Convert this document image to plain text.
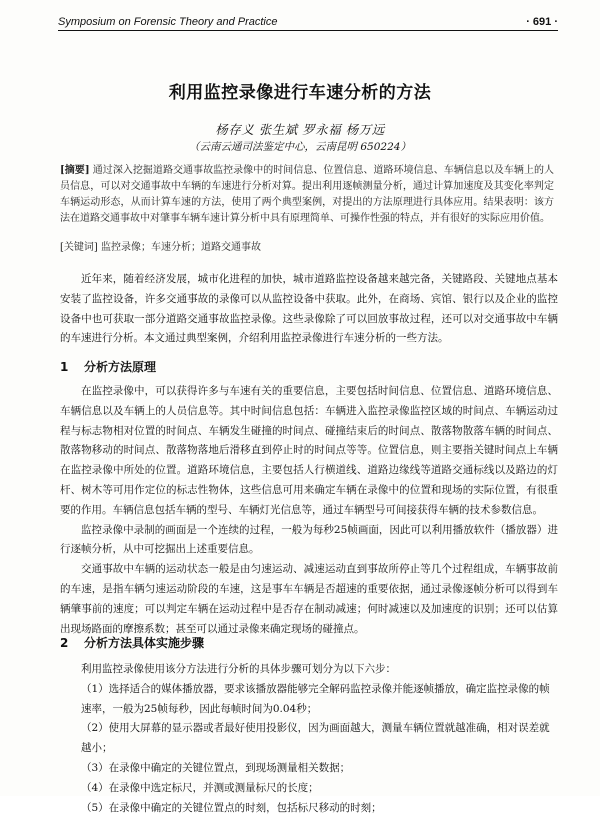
Symposium on Forensic Theory and Practice	· 691 ·
利用监控录像进行车速分析的方法
杨存义 张生斌 罗永福 杨万远
（云南云通司法鉴定中心，云南昆明 650224）
[摘要] 通过深入挖掘道路交通事故监控录像中的时间信息、位置信息、道路环境信息、车辆信息以及车辆上的人员信息，可以对交通事故中车辆的车速进行分析对算。提出利用逐帧测量分析，通过计算加速度及其变化率判定车辆运动形态，从而计算车速的方法，使用了两个典型案例，对提出的方法原理进行具体应用。结果表明：该方法在道路交通事故中对肇事车辆车速计算分析中具有原理简单、可操作性强的特点，并有很好的实际应用价值。
[关键词] 监控录像；车速分析；道路交通事故

近年来，随着经济发展，城市化进程的加快，城市道路监控设备越来越完备，关键路段、关键地点基本安装了监控设备，许多交通事故的录像可以从监控设备中获取。此外，在商场、宾馆、银行以及企业的监控设备中也可获取一部分道路交通事故监控录像。这些录像除了可以回放事故过程，还可以对交通事故中车辆的车速进行分析。本文通过典型案例，介绍利用监控录像进行车速分析的一些方法。

1 分析方法原理

在监控录像中，可以获得许多与车速有关的重要信息，主要包括时间信息、位置信息、道路环境信息、车辆信息以及车辆上的人员信息等。其中时间信息包括：车辆进入监控录像监控区域的时间点、车辆运动过程与标志物相对位置的时间点、车辆发生碰撞的时间点、碰撞结束后的时间点、散落物散落车辆的时间点、散落物移动的时间点、散落物落地后滑移直到停止时的时间点等等。位置信息，则主要指关键时间点上车辆在监控录像中所处的位置。道路环境信息，主要包括人行横道线、道路边缘线等道路交通标线以及路边的灯杆、树木等可用作定位的标志性物体，这些信息可用来确定车辆在录像中的位置和现场的实际位置，有很重要的作用。车辆信息包括车辆的型号、车辆灯光信息等，通过车辆型号可间接获得车辆的技术参数信息。

监控录像中录制的画面是一个连续的过程，一般为每秒25帧画面，因此可以利用播放软件（播放器）进行逐帧分析，从中可挖掘出上述重要信息。

交通事故中车辆的运动状态一般是由匀速运动、减速运动直到事故所停止等几个过程组成，车辆事故前的车速，是指车辆匀速运动阶段的车速，这是事车车辆是否超速的重要依据，通过录像逐帧分析可以得到车辆肇事前的速度；可以判定车辆在运动过程中是否存在制动减速；何时减速以及加速度的识别；还可以估算出现场路面的摩擦系数；甚至可以通过录像来确定现场的碰撞点。

2 分析方法具体实施步骤

利用监控录像使用该分方法进行分析的具体步骤可划分为以下六步：

（1）选择适合的媒体播放器，要求该播放器能够完全解码监控录像并能逐帧播放，确定监控录像的帧速率，一般为25帧每秒，因此每帧时间为0.04秒；

（2）使用大屏幕的显示器或者最好使用投影仪，因为画面越大，测量车辆位置就越准确，相对误差就越小；

（3）在录像中确定的关键位置点，到现场测量相关数据；

（4）在录像中选定标尺，并测或测量标尺的长度；

（5）在录像中确定的关键位置点的时刻，包括标尺移动的时刻；
